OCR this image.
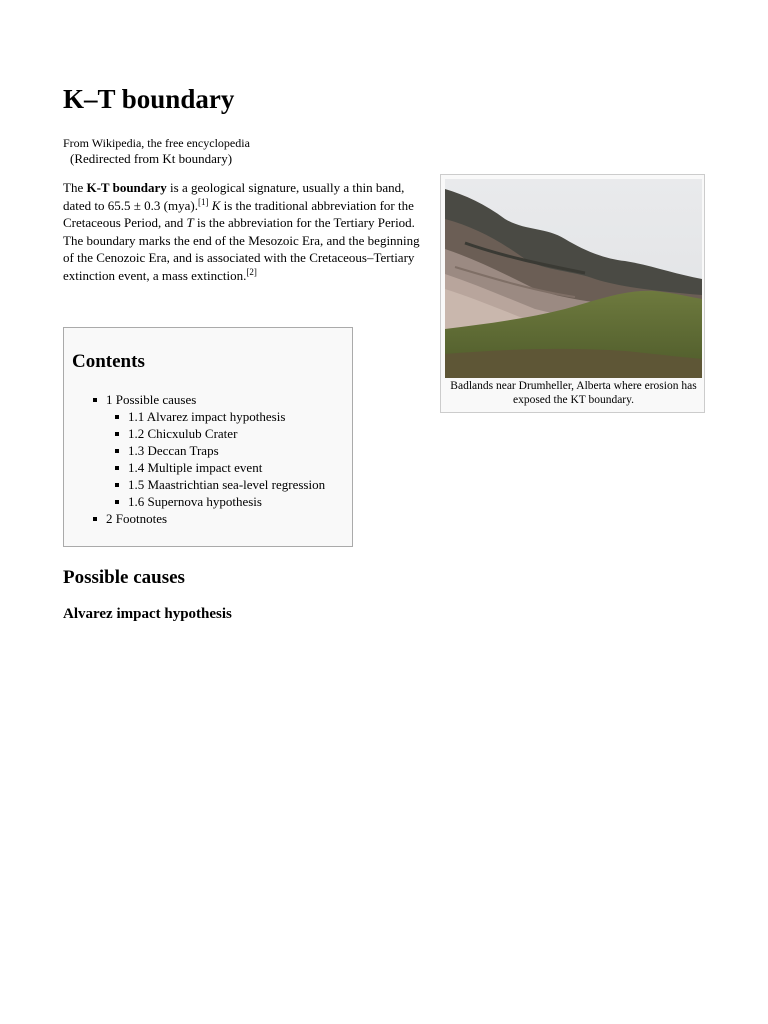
K–T boundary
From Wikipedia, the free encyclopedia
(Redirected from Kt boundary)

The K-T boundary is a geological signature, usually a thin band, dated to 65.5 ± 0.3 (mya).[1] K is the traditional abbreviation for the Cretaceous Period, and T is the abbreviation for the Tertiary Period. The boundary marks the end of the Mesozoic Era, and the beginning of the Cenozoic Era, and is associated with the Cretaceous–Tertiary extinction event, a mass extinction.[2]

Badlands near Drumheller, Alberta where erosion has exposed the KT boundary.
Contents
1 Possible causes
1.1 Alvarez impact hypothesis
1.2 Chicxulub Crater
1.3 Deccan Traps
1.4 Multiple impact event
1.5 Maastrichtian sea-level regression
1.6 Supernova hypothesis
2 Footnotes
Possible causes
Alvarez impact hypothesis
